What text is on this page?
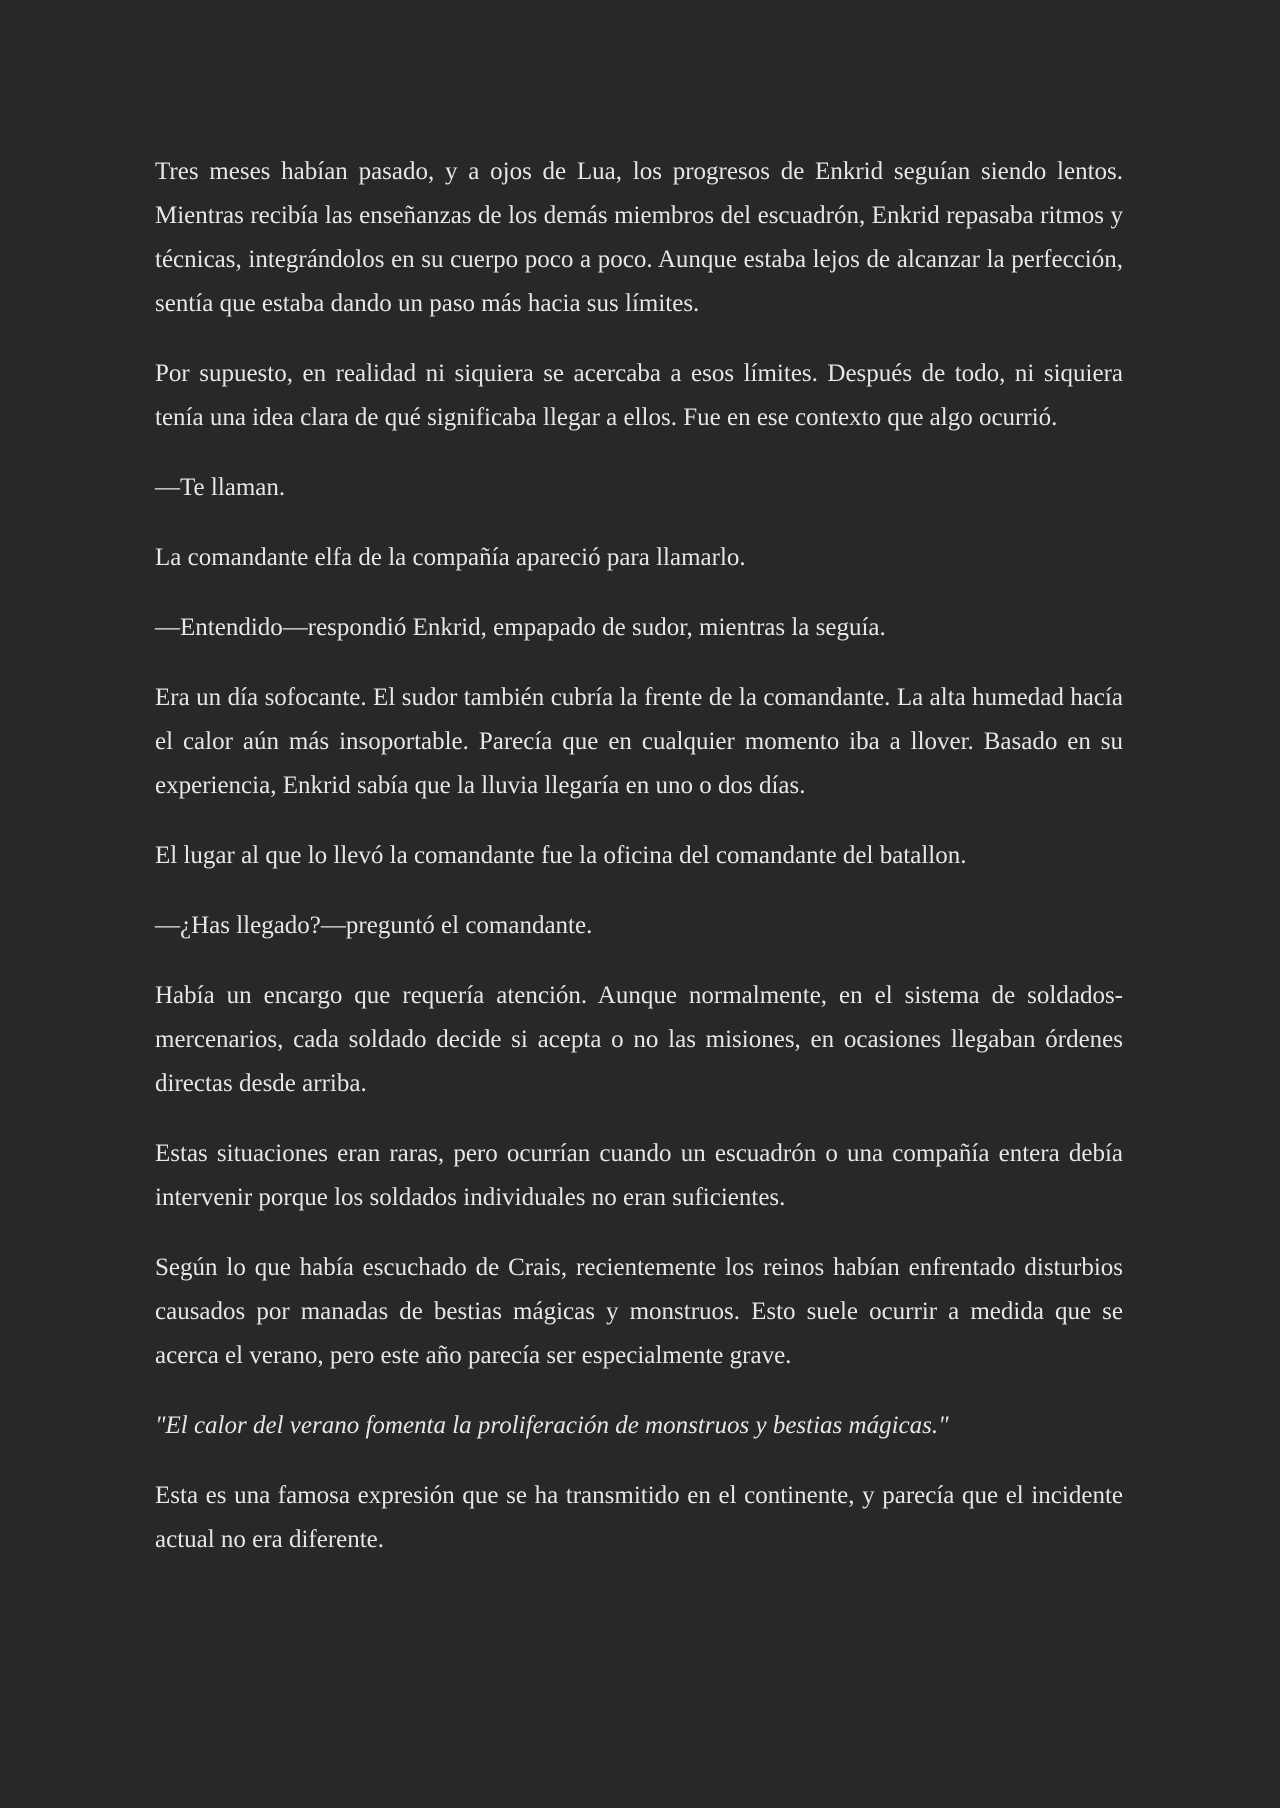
Tres meses habían pasado, y a ojos de Lua, los progresos de Enkrid seguían siendo lentos. Mientras recibía las enseñanzas de los demás miembros del escuadrón, Enkrid repasaba ritmos y técnicas, integrándolos en su cuerpo poco a poco. Aunque estaba lejos de alcanzar la perfección, sentía que estaba dando un paso más hacia sus límites.

Por supuesto, en realidad ni siquiera se acercaba a esos límites. Después de todo, ni siquiera tenía una idea clara de qué significaba llegar a ellos. Fue en ese contexto que algo ocurrió.

—Te llaman.

La comandante elfa de la compañía apareció para llamarlo.

—Entendido—respondió Enkrid, empapado de sudor, mientras la seguía.

Era un día sofocante. El sudor también cubría la frente de la comandante. La alta humedad hacía el calor aún más insoportable. Parecía que en cualquier momento iba a llover. Basado en su experiencia, Enkrid sabía que la lluvia llegaría en uno o dos días.

El lugar al que lo llevó la comandante fue la oficina del comandante del batallon.

—¿Has llegado?—preguntó el comandante.

Había un encargo que requería atención. Aunque normalmente, en el sistema de soldados-mercenarios, cada soldado decide si acepta o no las misiones, en ocasiones llegaban órdenes directas desde arriba.

Estas situaciones eran raras, pero ocurrían cuando un escuadrón o una compañía entera debía intervenir porque los soldados individuales no eran suficientes.

Según lo que había escuchado de Crais, recientemente los reinos habían enfrentado disturbios causados por manadas de bestias mágicas y monstruos. Esto suele ocurrir a medida que se acerca el verano, pero este año parecía ser especialmente grave.

"El calor del verano fomenta la proliferación de monstruos y bestias mágicas."

Esta es una famosa expresión que se ha transmitido en el continente, y parecía que el incidente actual no era diferente.
